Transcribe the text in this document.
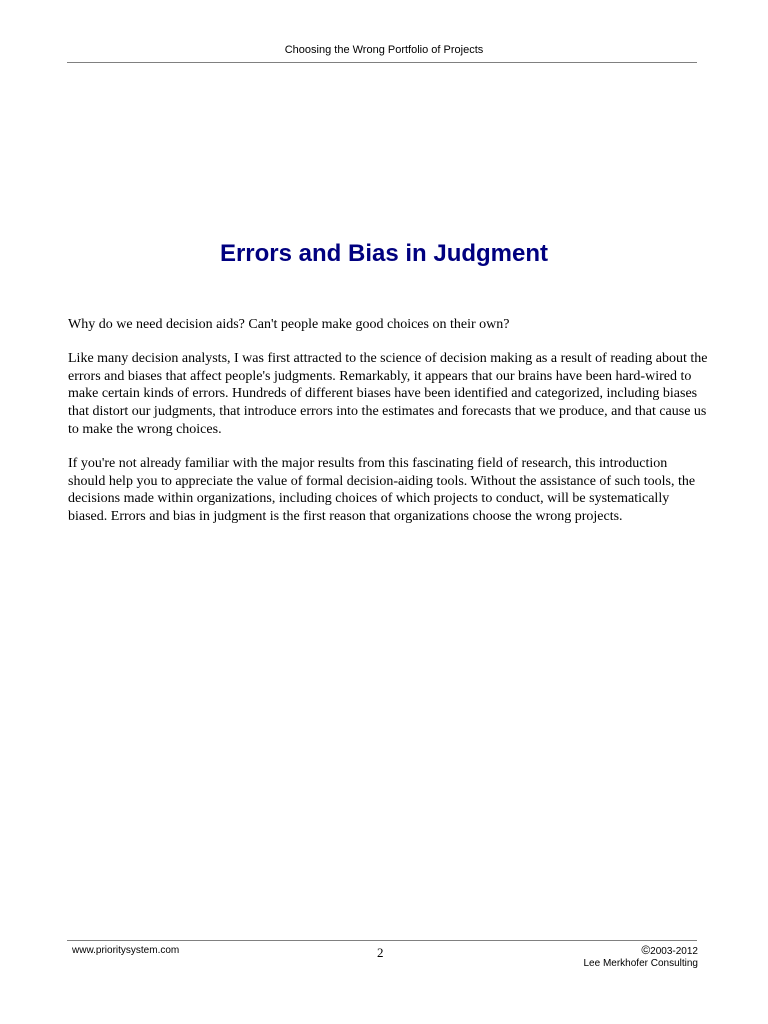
Choosing the Wrong Portfolio of Projects
Errors and Bias in Judgment

Why do we need decision aids? Can't people make good choices on their own?

Like many decision analysts, I was first attracted to the science of decision making as a result of reading about the errors and biases that affect people's judgments. Remarkably, it appears that our brains have been hard-wired to make certain kinds of errors. Hundreds of different biases have been identified and categorized, including biases that distort our judgments, that introduce errors into the estimates and forecasts that we produce, and that cause us to make the wrong choices.

If you're not already familiar with the major results from this fascinating field of research, this introduction should help you to appreciate the value of formal decision-aiding tools. Without the assistance of such tools, the decisions made within organizations, including choices of which projects to conduct, will be systematically biased. Errors and bias in judgment is the first reason that organizations choose the wrong projects.

www.prioritysystem.com	2	©2003-2012
Lee Merkhofer Consulting
